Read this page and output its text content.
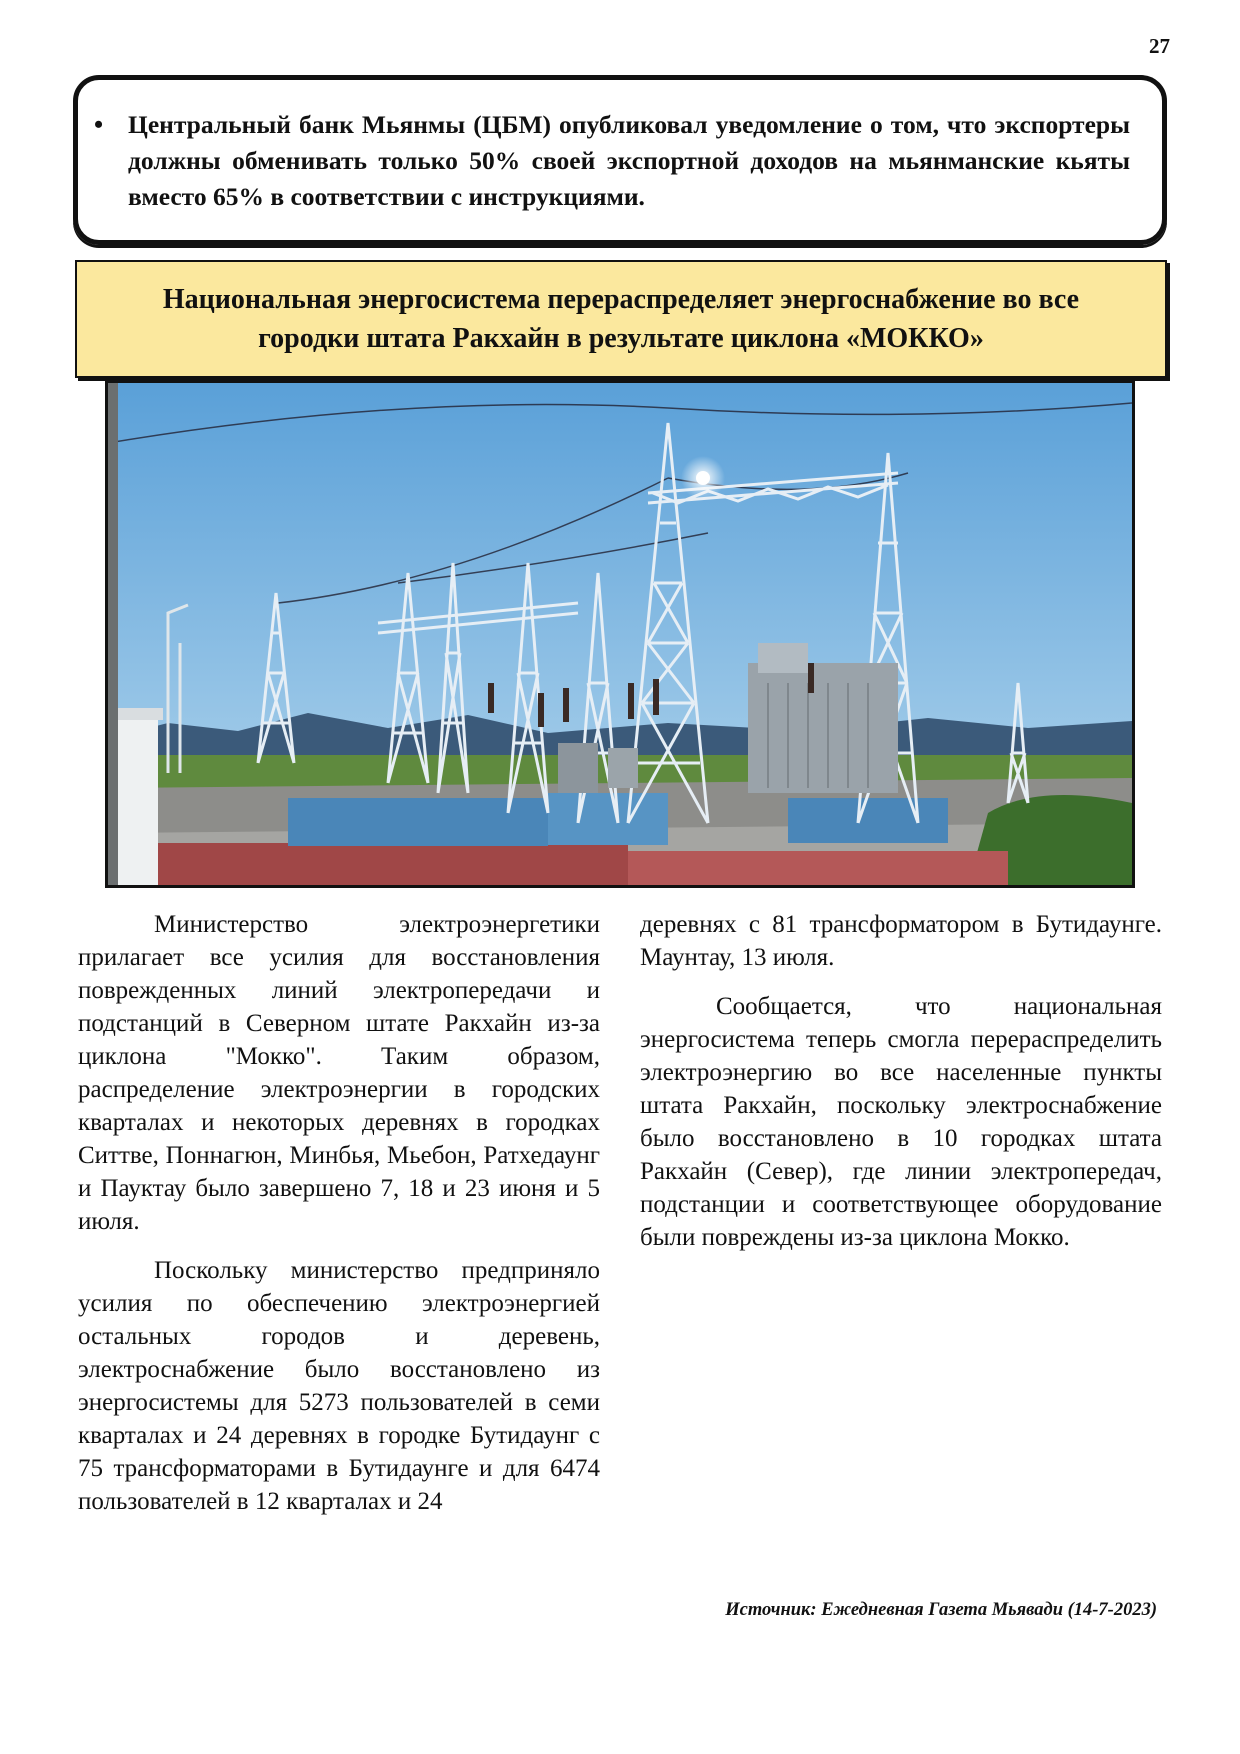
27
• Центральный банк Мьянмы (ЦБМ) опубликовал уведомление о том, что экспортеры должны обменивать только 50% своей экспортной доходов на мьянманские кьяты вместо 65% в соответствии с инструкциями.
Национальная энергосистема перераспределяет энергоснабжение во все городки штата Ракхайн в результате циклона «МОККО»

Министерство электроэнергетики прилагает все усилия для восстановления поврежденных линий электропередачи и подстанций в Северном штате Ракхайн из-за циклона "Мокко". Таким образом, распределение электроэнергии в городских кварталах и некоторых деревнях в городках Ситтве, Поннагюн, Минбья, Мьебон, Ратхедаунг и Пауктау было завершено 7, 18 и 23 июня и 5 июля.

Поскольку министерство предприняло усилия по обеспечению электроэнергией остальных городов и деревень, электроснабжение было восстановлено из энергосистемы для 5273 пользователей в семи кварталах и 24 деревнях в городке Бутидаунг с 75 трансформаторами в Бутидаунге и для 6474 пользователей в 12 кварталах и 24

деревнях с 81 трансформатором в Бутидаунге. Маунтау, 13 июля.

Сообщается, что национальная энергосистема теперь смогла перераспределить электроэнергию во все населенные пункты штата Ракхайн, поскольку электроснабжение было восстановлено в 10 городках штата Ракхайн (Север), где линии электропередач, подстанции и соответствующее оборудование были повреждены из-за циклона Мокко.

Источник: Ежедневная Газета Мьявади (14-7-2023)
